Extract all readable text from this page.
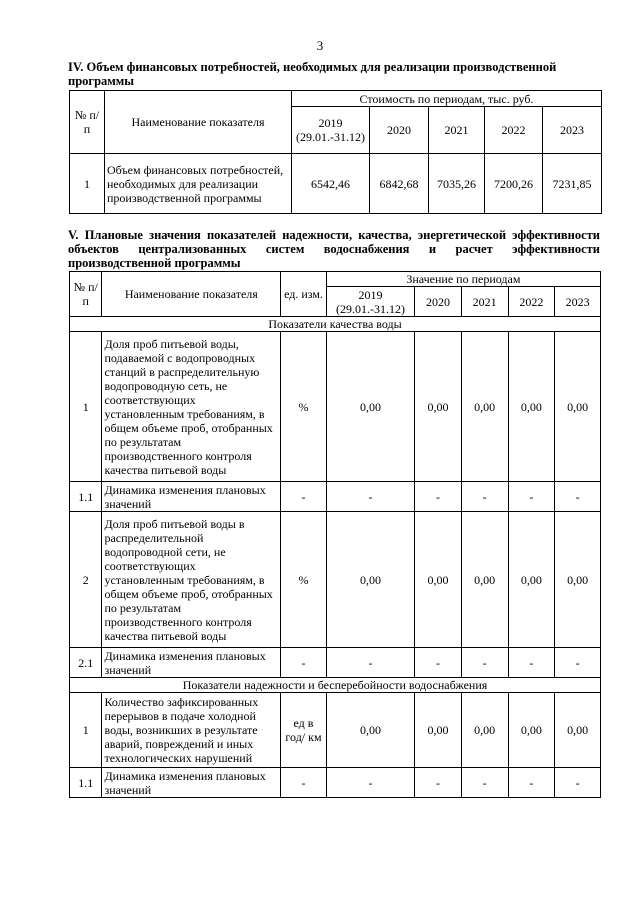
3
IV. Объем финансовых потребностей, необходимых для реализации производственной программы
№ п/п	Наименование показателя	Стоимость по периодам, тыс. руб.				
		2019 (29.01.-31.12)	2020	2021	2022	2023
1	Объем финансовых потребностей, необходимых для реализации производственной программы	6542,46	6842,68	7035,26	7200,26	7231,85
V. Плановые значения показателей надежности, качества, энергетической эффективности объектов централизованных систем водоснабжения и расчет эффективности производственной программы
№ п/п	Наименование показателя	ед. изм.	Значение по периодам				
			2019 (29.01.-31.12)	2020	2021	2022	2023
Показатели качества воды							
1	Доля проб питьевой воды, подаваемой с водопроводных станций в распределительную водопроводную сеть, не соответствующих установленным требованиям, в общем объеме проб, отобранных по результатам производственного контроля качества питьевой воды	%	0,00	0,00	0,00	0,00	0,00
1.1	Динамика изменения плановых значений	-	-	-	-	-	-
2	Доля проб питьевой воды в распределительной водопроводной сети, не соответствующих установленным требованиям, в общем объеме проб, отобранных по результатам производственного контроля качества питьевой воды	%	0,00	0,00	0,00	0,00	0,00
2.1	Динамика изменения плановых значений	-	-	-	-	-	-
Показатели надежности и бесперебойности водоснабжения							
1	Количество зафиксированных перерывов в подаче холодной воды, возникших в результате аварий, повреждений и иных технологических нарушений	ед в год/ км	0,00	0,00	0,00	0,00	0,00
1.1	Динамика изменения плановых значений	-	-	-	-	-	-
